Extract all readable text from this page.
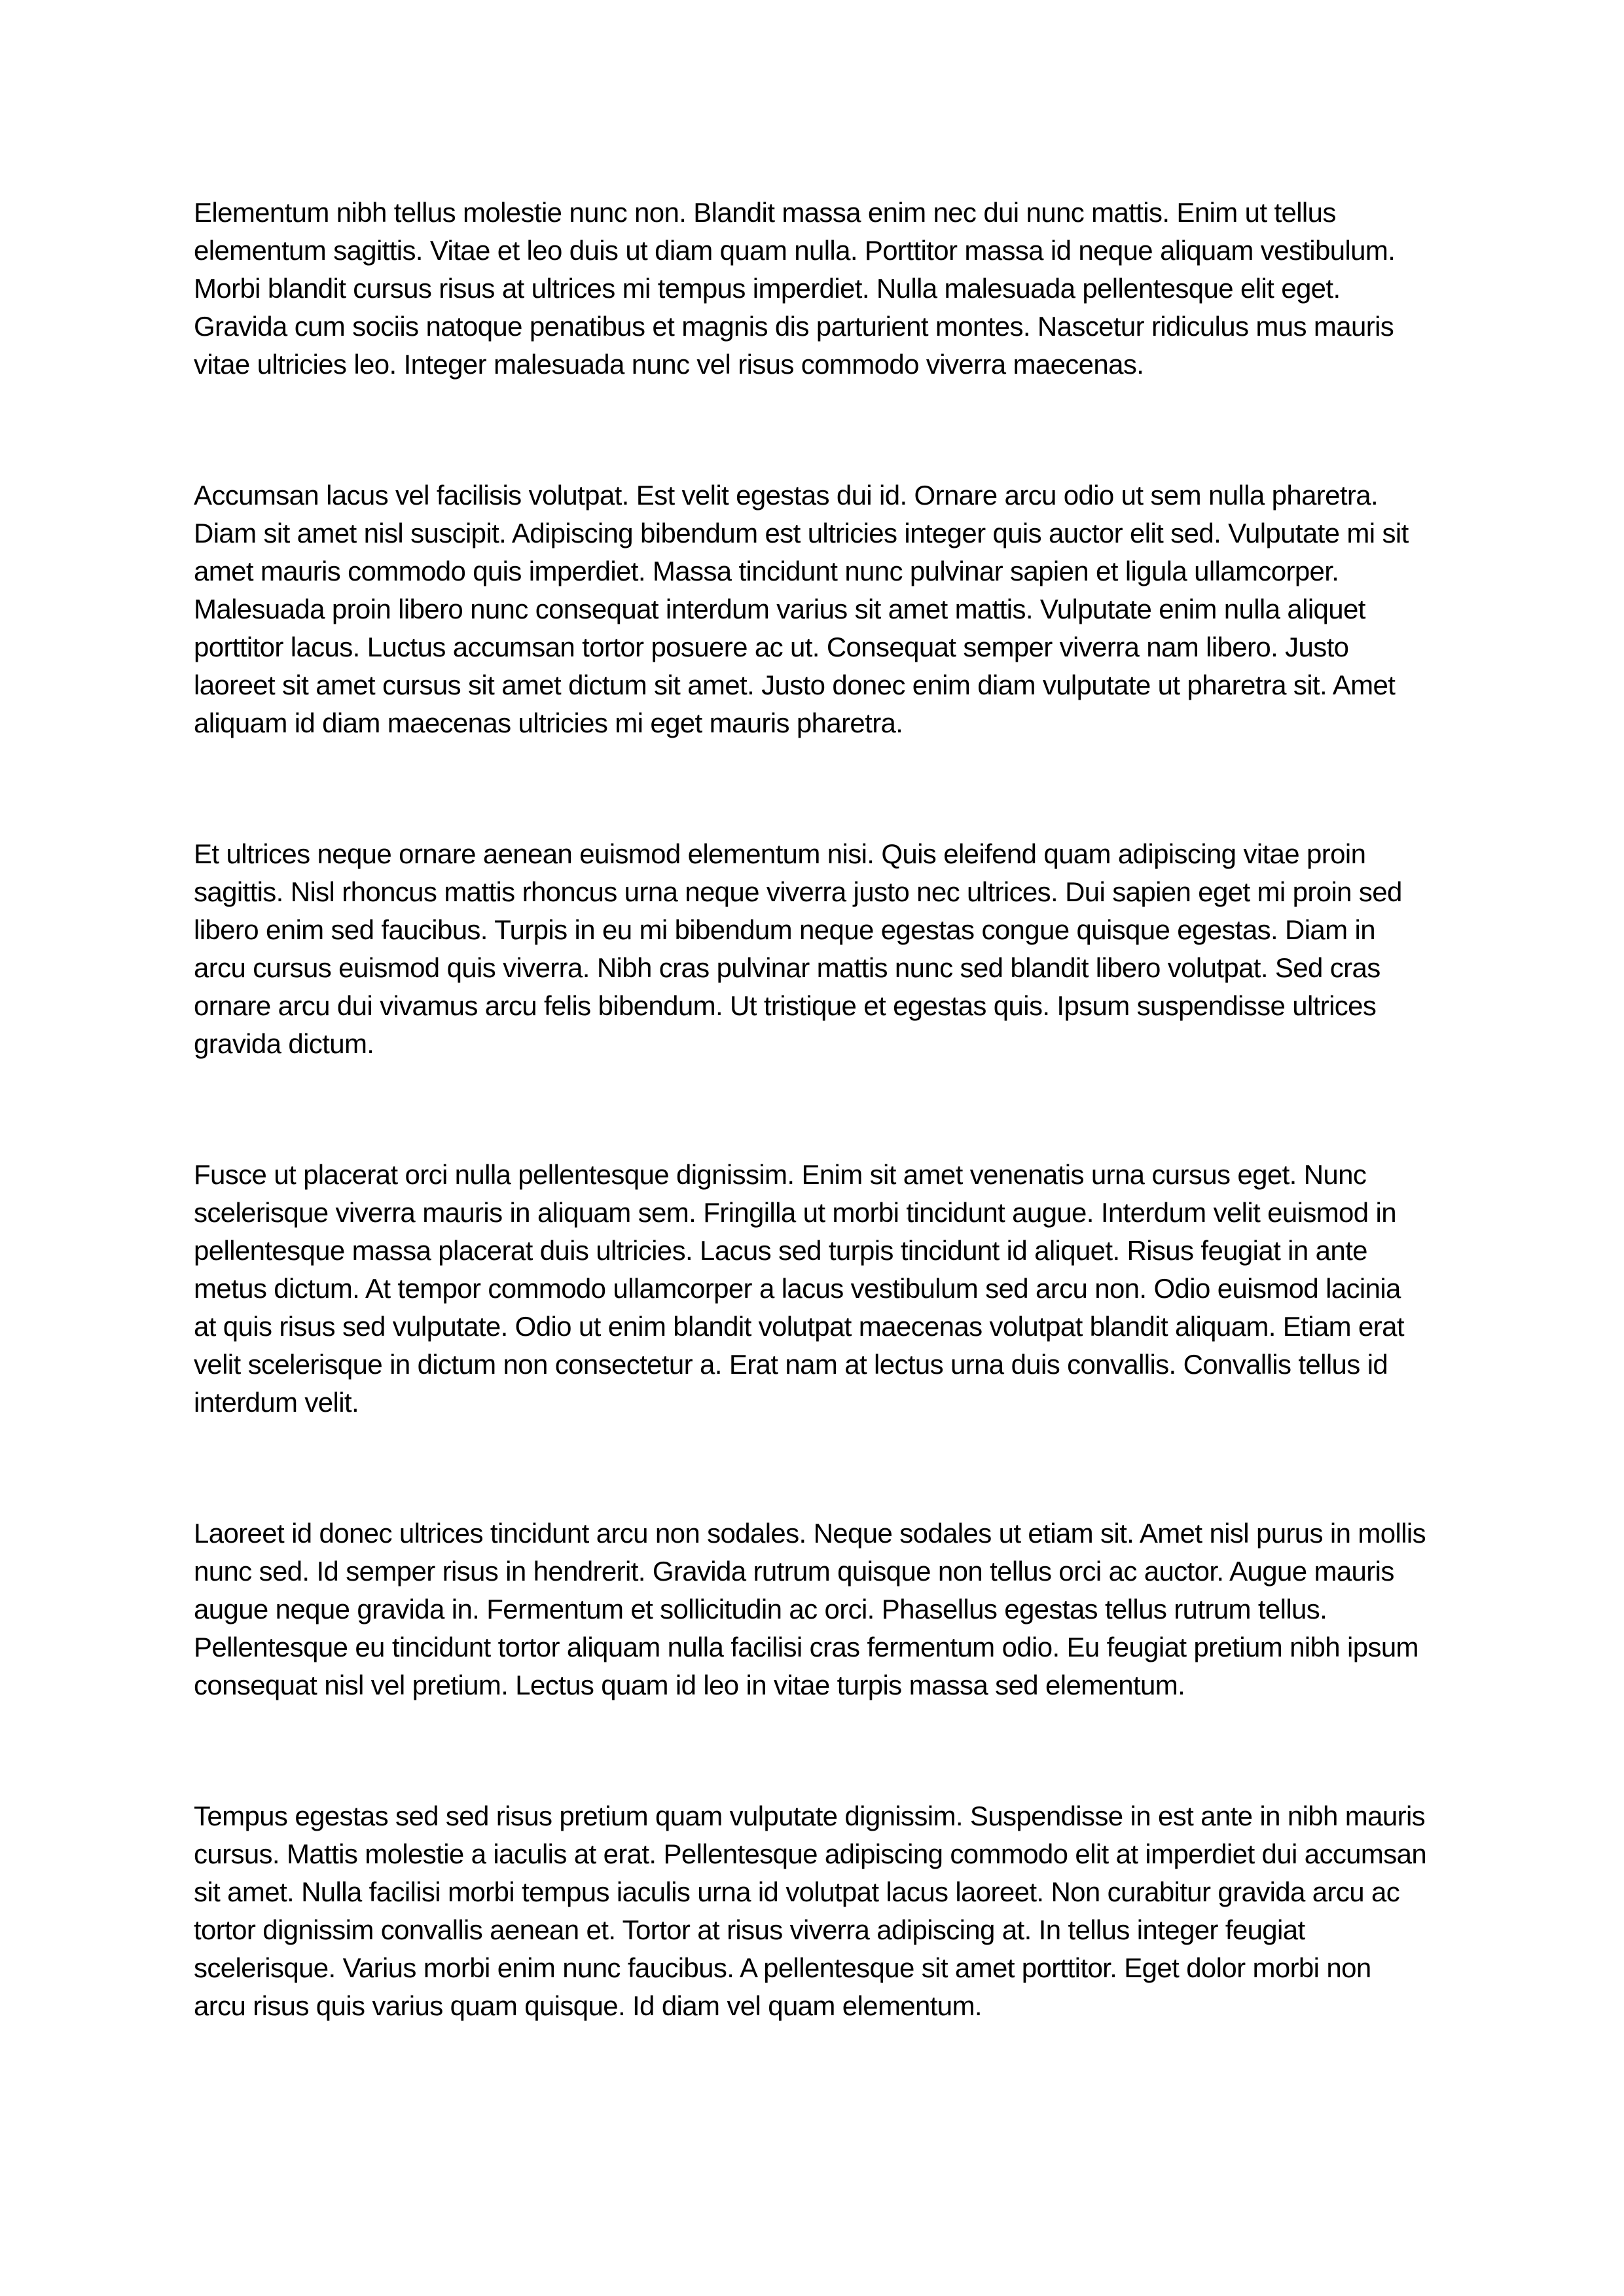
Elementum nibh tellus molestie nunc non. Blandit massa enim nec dui nunc mattis. Enim ut tellus elementum sagittis. Vitae et leo duis ut diam quam nulla. Porttitor massa id neque aliquam vestibulum. Morbi blandit cursus risus at ultrices mi tempus imperdiet. Nulla malesuada pellentesque elit eget. Gravida cum sociis natoque penatibus et magnis dis parturient montes. Nascetur ridiculus mus mauris vitae ultricies leo. Integer malesuada nunc vel risus commodo viverra maecenas.

Accumsan lacus vel facilisis volutpat. Est velit egestas dui id. Ornare arcu odio ut sem nulla pharetra. Diam sit amet nisl suscipit. Adipiscing bibendum est ultricies integer quis auctor elit sed. Vulputate mi sit amet mauris commodo quis imperdiet. Massa tincidunt nunc pulvinar sapien et ligula ullamcorper. Malesuada proin libero nunc consequat interdum varius sit amet mattis. Vulputate enim nulla aliquet porttitor lacus. Luctus accumsan tortor posuere ac ut. Consequat semper viverra nam libero. Justo laoreet sit amet cursus sit amet dictum sit amet. Justo donec enim diam vulputate ut pharetra sit. Amet aliquam id diam maecenas ultricies mi eget mauris pharetra.

Et ultrices neque ornare aenean euismod elementum nisi. Quis eleifend quam adipiscing vitae proin sagittis. Nisl rhoncus mattis rhoncus urna neque viverra justo nec ultrices. Dui sapien eget mi proin sed libero enim sed faucibus. Turpis in eu mi bibendum neque egestas congue quisque egestas. Diam in arcu cursus euismod quis viverra. Nibh cras pulvinar mattis nunc sed blandit libero volutpat. Sed cras ornare arcu dui vivamus arcu felis bibendum. Ut tristique et egestas quis. Ipsum suspendisse ultrices gravida dictum.

Fusce ut placerat orci nulla pellentesque dignissim. Enim sit amet venenatis urna cursus eget. Nunc scelerisque viverra mauris in aliquam sem. Fringilla ut morbi tincidunt augue. Interdum velit euismod in pellentesque massa placerat duis ultricies. Lacus sed turpis tincidunt id aliquet. Risus feugiat in ante metus dictum. At tempor commodo ullamcorper a lacus vestibulum sed arcu non. Odio euismod lacinia at quis risus sed vulputate. Odio ut enim blandit volutpat maecenas volutpat blandit aliquam. Etiam erat velit scelerisque in dictum non consectetur a. Erat nam at lectus urna duis convallis. Convallis tellus id interdum velit.

Laoreet id donec ultrices tincidunt arcu non sodales. Neque sodales ut etiam sit. Amet nisl purus in mollis nunc sed. Id semper risus in hendrerit. Gravida rutrum quisque non tellus orci ac auctor. Augue mauris augue neque gravida in. Fermentum et sollicitudin ac orci. Phasellus egestas tellus rutrum tellus. Pellentesque eu tincidunt tortor aliquam nulla facilisi cras fermentum odio. Eu feugiat pretium nibh ipsum consequat nisl vel pretium. Lectus quam id leo in vitae turpis massa sed elementum.

Tempus egestas sed sed risus pretium quam vulputate dignissim. Suspendisse in est ante in nibh mauris cursus. Mattis molestie a iaculis at erat. Pellentesque adipiscing commodo elit at imperdiet dui accumsan sit amet. Nulla facilisi morbi tempus iaculis urna id volutpat lacus laoreet. Non curabitur gravida arcu ac tortor dignissim convallis aenean et. Tortor at risus viverra adipiscing at. In tellus integer feugiat scelerisque. Varius morbi enim nunc faucibus. A pellentesque sit amet porttitor. Eget dolor morbi non arcu risus quis varius quam quisque. Id diam vel quam elementum.
